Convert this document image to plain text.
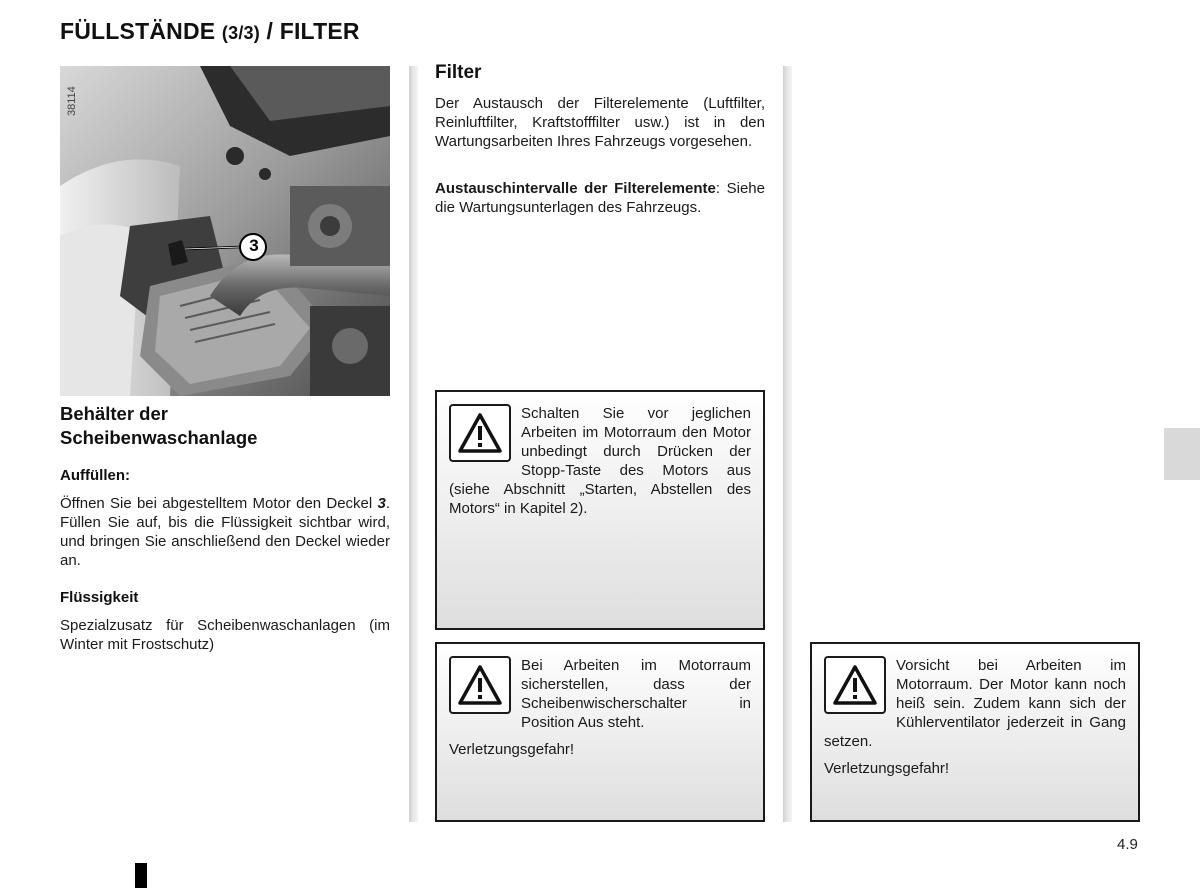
FÜLLSTÄNDE (3/3) / FILTER
3
38114
Behälter der
Scheibenwaschanlage
Auffüllen:
Öffnen Sie bei abgestelltem Motor den Deckel 3. Füllen Sie auf, bis die Flüssigkeit sichtbar wird, und bringen Sie anschließend den Deckel wieder an.
Flüssigkeit
Spezialzusatz für Scheibenwaschanlagen (im Winter mit Frostschutz)
Filter
Der Austausch der Filterelemente (Luftfilter, Reinluftfilter, Kraftstofffilter usw.) ist in den Wartungsarbeiten Ihres Fahrzeugs vorgesehen.
Austauschintervalle der Filterelemente: Siehe die Wartungsunterlagen des Fahrzeugs.
Schalten Sie vor jeglichen Arbeiten im Motorraum den Motor unbedingt durch Drücken der Stopp-Taste des Motors aus (siehe Abschnitt „Starten, Abstellen des Motors“ in Kapitel 2).
Bei Arbeiten im Motorraum sicherstellen, dass der Scheibenwischerschalter in Position Aus steht.
Verletzungsgefahr!
Vorsicht bei Arbeiten im Motorraum. Der Motor kann noch heiß sein. Zudem kann sich der Kühlerventilator jederzeit in Gang setzen.
Verletzungsgefahr!
4.9
